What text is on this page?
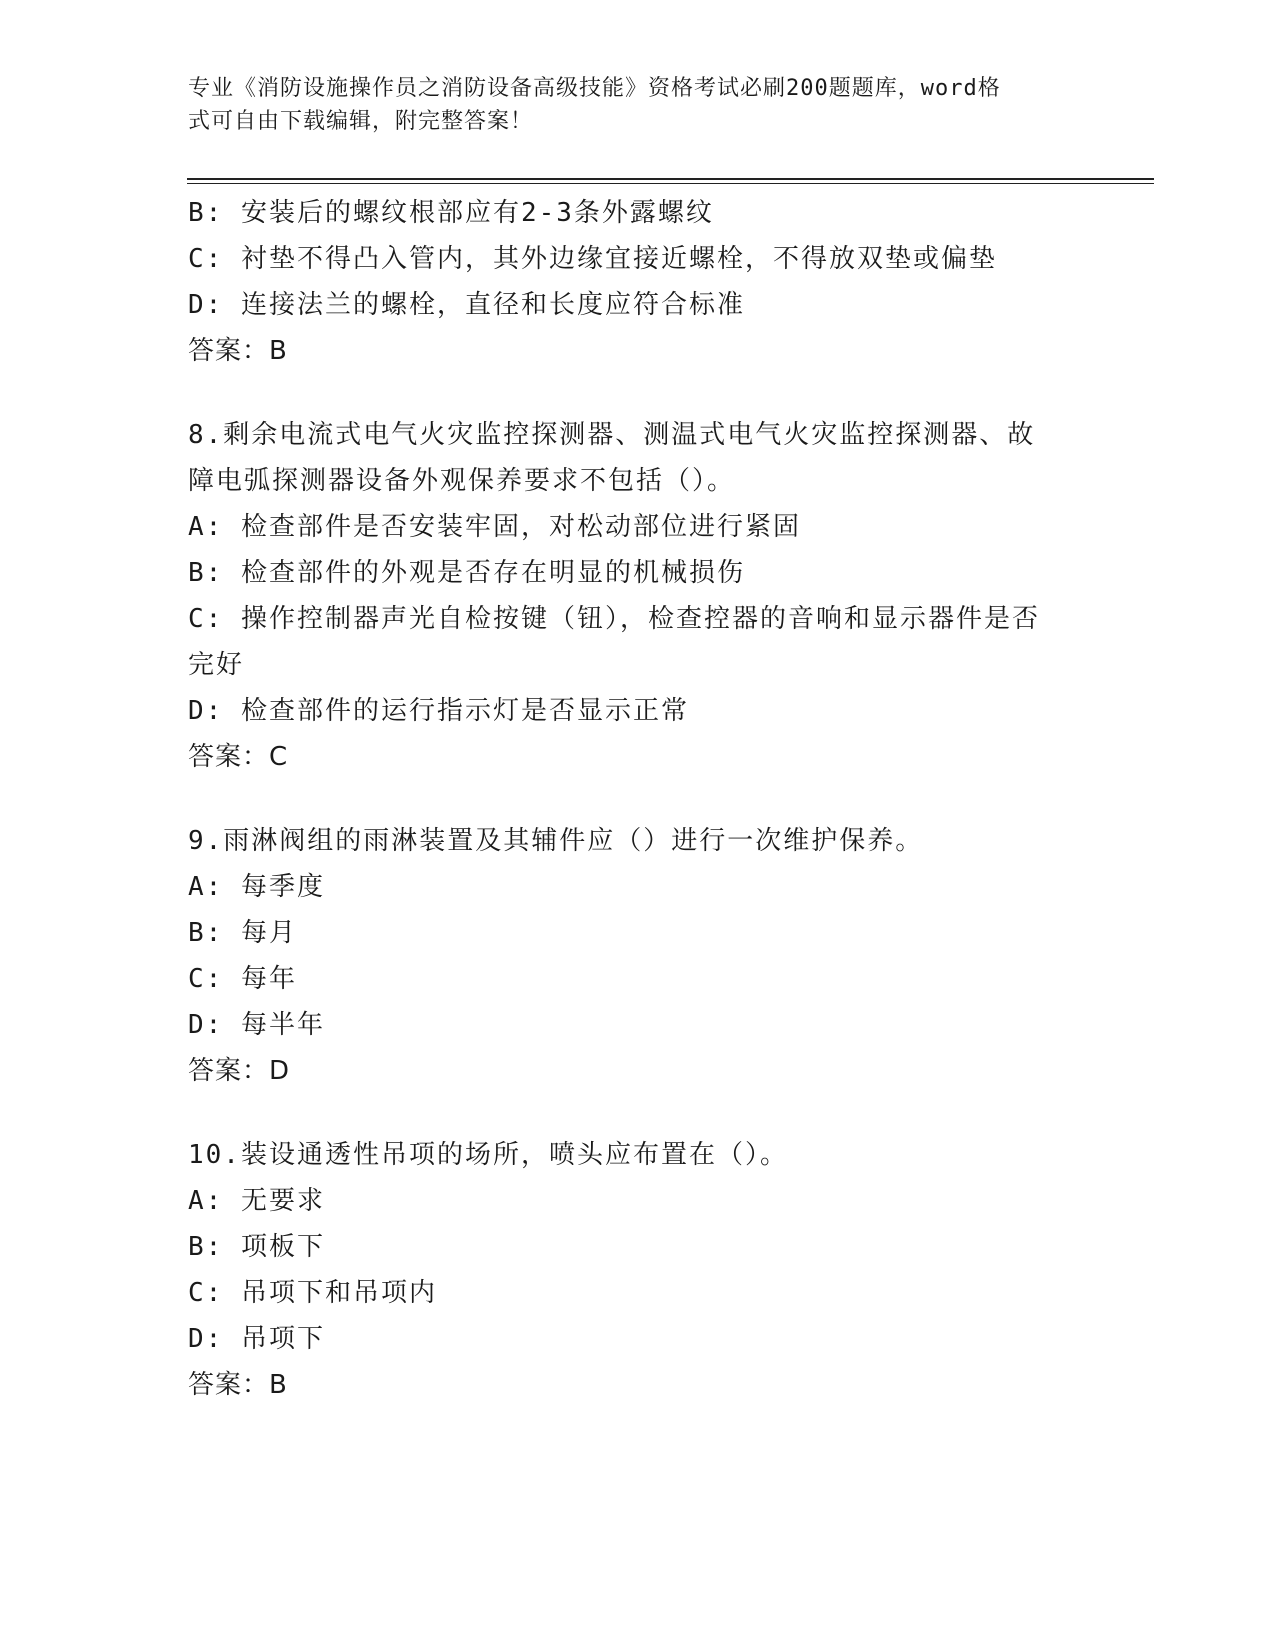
专业《消防设施操作员之消防设备高级技能》资格考试必刷200题题库，word格
式可自由下载编辑，附完整答案！
B: 安装后的螺纹根部应有2-3条外露螺纹
C: 衬垫不得凸入管内，其外边缘宜接近螺栓，不得放双垫或偏垫
D: 连接法兰的螺栓，直径和长度应符合标准
答案：B
8.剩余电流式电气火灾监控探测器、测温式电气火灾监控探测器、故
障电弧探测器设备外观保养要求不包括（）。
A: 检查部件是否安装牢固，对松动部位进行紧固
B: 检查部件的外观是否存在明显的机械损伤
C: 操作控制器声光自检按键（钮），检查控器的音响和显示器件是否
完好
D: 检查部件的运行指示灯是否显示正常
答案：C
9.雨淋阀组的雨淋装置及其辅件应（）进行一次维护保养。
A: 每季度
B: 每月
C: 每年
D: 每半年
答案：D
10.装设通透性吊项的场所，喷头应布置在（）。
A: 无要求
B: 项板下
C: 吊项下和吊项内
D: 吊项下
答案：B
